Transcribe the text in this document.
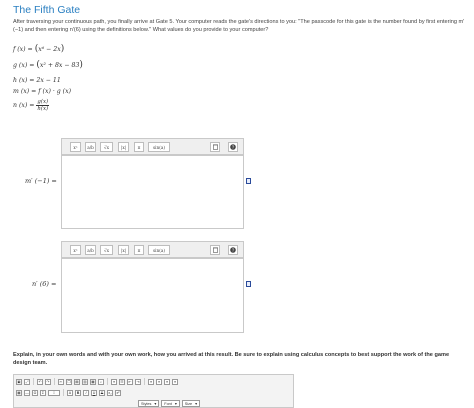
The Fifth Gate
After traversing your continuous path, you finally arrive at Gate 5. Your computer reads the gate's directions to you: "The passcode for this gate is the number found by first entering m′(−1) and then entering n′(6) using the definitions below." What values do you provide to your computer?
f (x) = (x⁶ − 2x)
g (x) = (x² + 8x − 83)
h (x) = 2x − 11
m (x) = f (x) · g (x)
n $(x) = \frac{g(x)}{h(x)}$
xⁿ	a/b	√̅x	|x|	π	sin(a)	?
m′ (−1) =
xⁿ	a/b	√̅x	|x|	π	sin(a)	?
n′ (6) =
Explain, in your own words and with your own work, how you arrived at this result. Be sure to explain using calculus concepts to best support the work of the game design team.
▣	⤢	↶	↷	✂	❐	▤	▥	▦	⌕	≡	☷	⇤	⇥	≡	≡	≡	≡
▦	—	Ω	Σ	⌷	A	B	I	U	S	x₂	x²
Styles ▾ Font ▾ Size ▾
